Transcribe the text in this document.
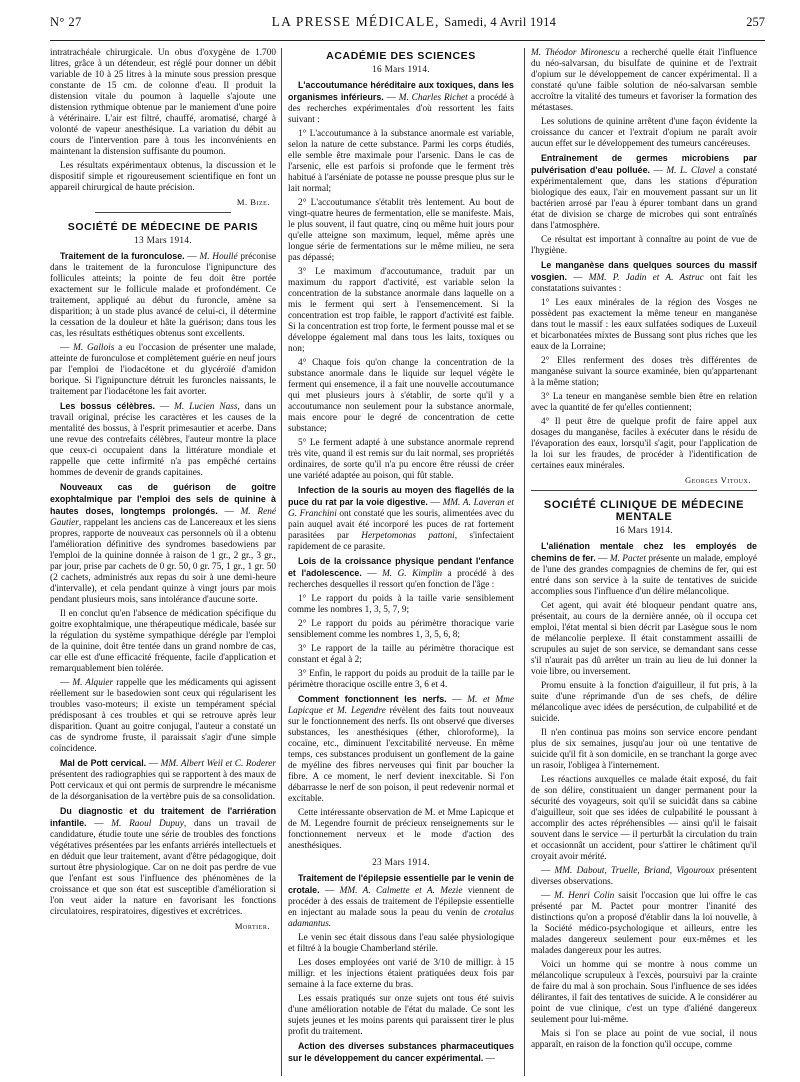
N° 27	LA PRESSE MÉDICALE, Samedi, 4 Avril 1914	257

intratrachéale chirurgicale. Un obus d'oxygène de 1.700 litres, grâce à un détendeur, est réglé pour donner un débit variable de 10 à 25 litres à la minute sous pression presque constante de 15 cm. de colonne d'eau. Il produit la distension vitale du poumon à laquelle s'ajoute une distension rythmique obtenue par le maniement d'une poire à vétérinaire. L'air est filtré, chauffé, aromatisé, chargé à volonté de vapeur anesthésique. La variation du débit au cours de l'intervention pare à tous les inconvénients en maintenant la distension suffisante du poumon.

Les résultats expérimentaux obtenus, la discussion et le dispositif simple et rigoureusement scientifique en font un appareil chirurgical de haute précision.

M. Bize.
SOCIÉTÉ DE MÉDECINE DE PARIS
13 Mars 1914.

Traitement de la furonculose. — M. Houllé préconise dans le traitement de la furonculose l'ignipuncture des follicules atteints; la pointe de feu doit être portée exactement sur le follicule malade et profondément. Ce traitement, appliqué au début du furoncle, amène sa disparition; à un stade plus avancé de celui-ci, il détermine la cessation de la douleur et hâte la guérison; dans tous les cas, les résultats esthétiques obtenus sont excellents.

— M. Gallois a eu l'occasion de présenter une malade, atteinte de furonculose et complètement guérie en neuf jours par l'emploi de l'iodacétone et du glycéroïé d'amidon borique. Si l'ignipuncture détruit les furoncles naissants, le traitement par l'iodacétone les fait avorter.

Les bossus célèbres. — M. Lucien Nass, dans un travail original, précise les caractères et les causes de la mentalité des bossus, à l'esprit primesautier et acerbe. Dans une revue des contrefaits célèbres, l'auteur montre la place que ceux-ci occupaient dans la littérature mondiale et rappelle que cette infirmité n'a pas empêché certains hommes de devenir de grands capitaines.

Nouveaux cas de guérison de goitre exophtalmique par l'emploi des sels de quinine à hautes doses, longtemps prolongés. — M. René Gautier, rappelant les anciens cas de Lancereaux et les siens propres, rapporte de nouveaux cas personnels où il a obtenu l'amélioration définitive des syndromes basedowiens par l'emploi de la quinine donnée à raison de 1 gr., 2 gr., 3 gr., par jour, prise par cachets de 0 gr. 50, 0 gr. 75, 1 gr., 1 gr. 50 (2 cachets, administrés aux repas du soir à une demi-heure d'intervalle), et cela pendant quinze à vingt jours par mois pendant plusieurs mois, sans intolérance d'aucune sorte.

Il en conclut qu'en l'absence de médication spécifique du goitre exophtalmique, une thérapeutique médicale, basée sur la régulation du système sympathique dérégle par l'emploi de la quinine, doit être tentée dans un grand nombre de cas, car elle est d'une efficacité fréquente, facile d'application et remarquablement bien tolérée.

— M. Alquier rappelle que les médicaments qui agissent réellement sur le basedowien sont ceux qui régularisent les troubles vaso-moteurs; il existe un tempérament spécial prédisposant à ces troubles et qui se retrouve après leur disparition. Quant au goitre conjugal, l'auteur a constaté un cas de syndrome fruste, il paraissait s'agir d'une simple coïncidence.

Mal de Pott cervical. — MM. Albert Weil et C. Roderer présentent des radiographies qui se rapportent à des maux de Pott cervicaux et qui ont permis de surprendre le mécanisme de la désorganisation de la vertèbre puis de sa consolidation.

Du diagnostic et du traitement de l'arriération infantile. — M. Raoul Dupuy, dans un travail de candidature, étudie toute une série de troubles des fonctions végétatives présentées par les enfants arriérés intellectuels et en déduit que leur traitement, avant d'être pédagogique, doit surtout être physiologique. Car on ne doit pas perdre de vue que l'enfant est sous l'influence des phénomènes de la croissance et que son état est susceptible d'amélioration si l'on veut aider la nature en favorisant les fonctions circulatoires, respiratoires, digestives et excrétrices.

Mortier.
ACADÉMIE DES SCIENCES
16 Mars 1914.

L'accoutumance héréditaire aux toxiques, dans les organismes inférieurs. — M. Charles Richet a procédé à des recherches expérimentales d'où ressortent les faits suivant :

1° L'accoutumance à la substance anormale est variable, selon la nature de cette substance. Parmi les corps étudiés, elle semble être maximale pour l'arsenic. Dans le cas de l'arsenic, elle est parfois si profonde que le ferment très habitué à l'arséniate de potasse ne pousse presque plus sur le lait normal;

2° L'accoutumance s'établit très lentement. Au bout de vingt-quatre heures de fermentation, elle se manifeste. Mais, le plus souvent, il faut quatre, cinq ou même huit jours pour qu'elle atteigne son maximum, lequel, même après une longue série de fermentations sur le même milieu, ne sera pas dépassé;

3° Le maximum d'accoutumance, traduit par un maximum du rapport d'activité, est variable selon la concentration de la substance anormale dans laquelle on a mis le ferment qui sert à l'ensemencement. Si la concentration est trop faible, le rapport d'activité est faible. Si la concentration est trop forte, le ferment pousse mal et se développe également mal dans tous les laits, toxiques ou non;

4° Chaque fois qu'on change la concentration de la substance anormale dans le liquide sur lequel végète le ferment qui ensemence, il a fait une nouvelle accoutumance qui met plusieurs jours à s'établir, de sorte qu'il y a accoutumance non seulement pour la substance anormale, mais encore pour le degré de concentration de cette substance;

5° Le ferment adapté à une substance anormale reprend très vite, quand il est remis sur du lait normal, ses propriétés ordinaires, de sorte qu'il n'a pu encore être réussi de créer une variété adaptée au poison, qui fût stable.

Infection de la souris au moyen des flagellés de la puce du rat par la voie digestive. — MM. A. Laveran et G. Franchini ont constaté que les souris, alimentées avec du pain auquel avait été incorporé les puces de rat fortement parasitées par Herpetomonas pattoni, s'infectaient rapidement de ce parasite.

Lois de la croissance physique pendant l'enfance et l'adolescence. — M. G. Kimplin a procédé à des recherches desquelles il ressort qu'en fonction de l'âge :

1° Le rapport du poids à la taille varie sensiblement comme les nombres 1, 3, 5, 7, 9;

2° Le rapport du poids au périmètre thoracique varie sensiblement comme les nombres 1, 3, 5, 6, 8;

3° Le rapport de la taille au périmètre thoracique est constant et égal à 2;

3° Enfin, le rapport du poids au produit de la taille par le périmètre thoracique oscille entre 3, 6 et 4.

Comment fonctionnent les nerfs. — M. et Mme Lapicque et M. Legendre révèlent des faits tout nouveaux sur le fonctionnement des nerfs. Ils ont observé que diverses substances, les anesthésiques (éther, chloroforme), la cocaïne, etc., diminuent l'excitabilité nerveuse. En même temps, ces substances produisent un gonflement de la gaine de myéline des fibres nerveuses qui finit par boucher la fibre. A ce moment, le nerf devient inexcitable. Si l'on débarrasse le nerf de son poison, il peut redevenir normal et excitable.

Cette intéressante observation de M. et Mme Lapicque et de M. Legendre fournit de précieux renseignements sur le fonctionnement nerveux et le mode d'action des anesthésiques.

23 Mars 1914.

Traitement de l'épilepsie essentielle par le venin de crotale. — MM. A. Calmette et A. Mezie viennent de procéder à des essais de traitement de l'épilepsie essentielle en injectant au malade sous la peau du venin de crotalus adamantus.

Le venin sec était dissous dans l'eau salée physiologique et filtré à la bougie Chamberland stérile.

Les doses employées ont varié de 3/10 de milligr. à 15 milligr. et les injections étaient pratiquées deux fois par semaine à la face externe du bras.

Les essais pratiqués sur onze sujets ont tous été suivis d'une amélioration notable de l'état du malade. Ce sont les sujets jeunes et les moins parents qui paraissent tirer le plus profit du traitement.

Action des diverses substances pharmaceutiques sur le développement du cancer expérimental. —

M. Théodor Mironescu a recherché quelle était l'influence du néo-salvarsan, du bisulfate de quinine et de l'extrait d'opium sur le développement de cancer expérimental. Il a constaté qu'une faible solution de néo-salvarsan semble accroître la vitalité des tumeurs et favoriser la formation des métastases.

Les solutions de quinine arrêtent d'une façon évidente la croissance du cancer et l'extrait d'opium ne paraît avoir aucun effet sur le développement des tumeurs cancéreuses.

Entraînement de germes microbiens par pulvérisation d'eau polluée. — M. L. Clavel a constaté expérimentalement que, dans les stations d'épuration biologique des eaux, l'air en mouvement passant sur un lit bactérien arrosé par l'eau à épurer tombant dans un grand état de division se charge de microbes qui sont entraînés dans l'atmosphère.

Ce résultat est important à connaître au point de vue de l'hygiène.

Le manganèse dans quelques sources du massif vosgien. — MM. P. Jadin et A. Astruc ont fait les constatations suivantes :

1° Les eaux minérales de la région des Vosges ne possèdent pas exactement la même teneur en manganèse dans tout le massif : les eaux sulfatées sodiques de Luxeuil et bicarbonatées mixtes de Bussang sont plus riches que les eaux de la Lorraine;

2° Elles renferment des doses très différentes de manganèse suivant la source examinée, bien qu'appartenant à la même station;

3° La teneur en manganèse semble bien être en relation avec la quantité de fer qu'elles contiennent;

4° Il peut être de quelque profit de faire appel aux dosages du manganèse, faciles à exécuter dans le résidu de l'évaporation des eaux, lorsqu'il s'agit, pour l'application de la loi sur les fraudes, de procéder à l'identification de certaines eaux minérales.

Georges Vitoux.
SOCIÉTÉ CLINIQUE DE MÉDECINE MENTALE
16 Mars 1914.

L'aliénation mentale chez les employés de chemins de fer. — M. Pactet présente un malade, employé de l'une des grandes compagnies de chemins de fer, qui est entré dans son service à la suite de tentatives de suicide accomplies sous l'influence d'un délire mélancolique.

Cet agent, qui avait été bloqueur pendant quatre ans, présentait, au cours de la dernière année, où il occupa cet emploi, l'état mental si bien décrit par Lasègue sous le nom de mélancolie perplexe. Il était constamment assailli de scrupules au sujet de son service, se demandant sans cesse s'il n'aurait pas dû arrêter un train au lieu de lui donner la voie libre, ou inversement.

Promu ensuite à la fonction d'aiguilleur, il fut pris, à la suite d'une réprimande d'un de ses chefs, de délire mélancolique avec idées de persécution, de culpabilité et de suicide.

Il n'en continua pas moins son service encore pendant plus de six semaines, jusqu'au jour où une tentative de suicide qu'il fit à son domicile, en se tranchant la gorge avec un rasoir, l'obligea à l'internement.

Les réactions auxquelles ce malade était exposé, du fait de son délire, constituaient un danger permanent pour la sécurité des voyageurs, soit qu'il se suicidât dans sa cabine d'aiguilleur, soit que ses idées de culpabilité le poussant à accomplir des actes répréhensibles — ainsi qu'il le faisait souvent dans le service — il perturbât la circulation du train et occasionnât un accident, pour s'attirer le châtiment qu'il croyait avoir mérité.

— MM. Dabout, Truelle, Briand, Vigouroux présentent diverses observations.

— M. Henri Colin saisit l'occasion que lui offre le cas présenté par M. Pactet pour montrer l'inanité des distinctions qu'on a proposé d'établir dans la loi nouvelle, à la Société médico-psychologique et ailleurs, entre les malades dangereux seulement pour eux-mêmes et les malades dangereux pour les autres.

Voici un homme qui se montre à nous comme un mélancolique scrupuleux à l'excès, poursuivi par la crainte de faire du mal à son prochain. Sous l'influence de ses idées délirantes, il fait des tentatives de suicide. A le considérer au point de vue clinique, c'est un type d'aliéné dangereux seulement pour lui-même.

Mais si l'on se place au point de vue social, il nous apparaît, en raison de la fonction qu'il occupe, comme
